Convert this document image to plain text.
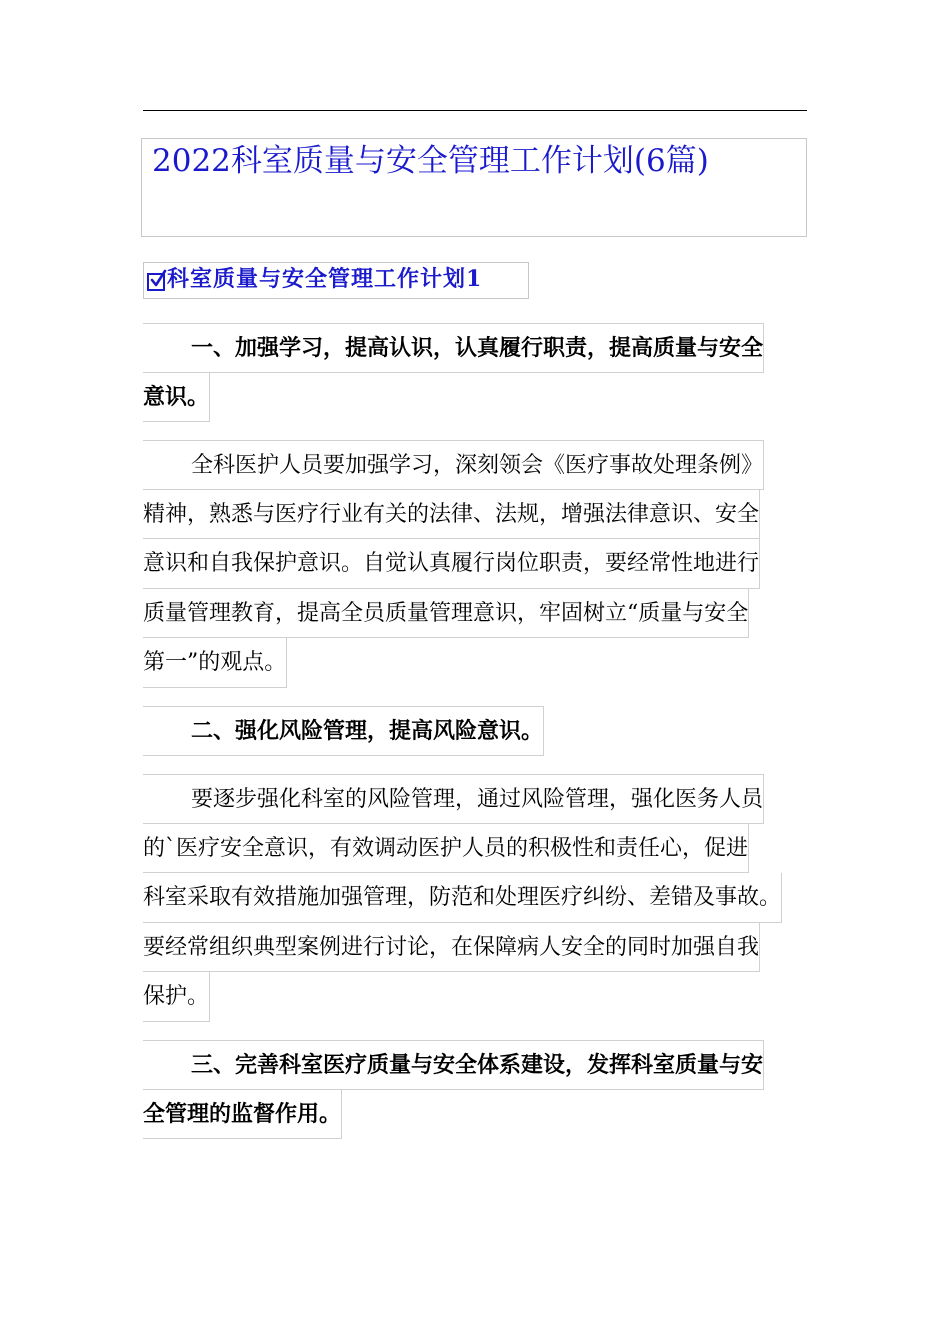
2022科室质量与安全管理工作计划(6篇)
科室质量与安全管理工作计划1
一、加强学习，提高认识，认真履行职责，提高质量与安全
意识。
全科医护人员要加强学习，深刻领会《医疗事故处理条例》
精神，熟悉与医疗行业有关的法律、法规，增强法律意识、安全
意识和自我保护意识。自觉认真履行岗位职责，要经常性地进行
质量管理教育，提高全员质量管理意识，牢固树立“质量与安全
第一”的观点。
二、强化风险管理，提高风险意识。
要逐步强化科室的风险管理，通过风险管理，强化医务人员
的`医疗安全意识，有效调动医护人员的积极性和责任心，促进
科室采取有效措施加强管理，防范和处理医疗纠纷、差错及事故。
要经常组织典型案例进行讨论，在保障病人安全的同时加强自我
保护。
三、完善科室医疗质量与安全体系建设，发挥科室质量与安
全管理的监督作用。
